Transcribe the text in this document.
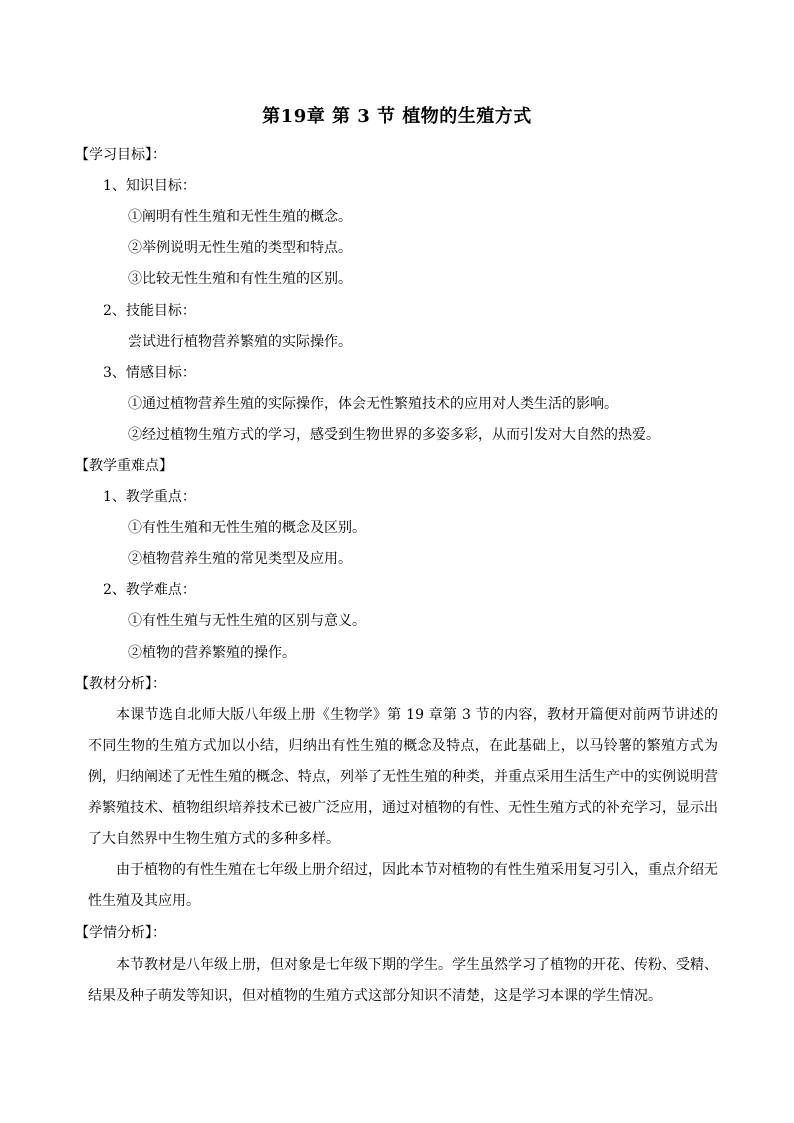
第19章 第 3 节 植物的生殖方式
【学习目标】：
1、知识目标：
①阐明有性生殖和无性生殖的概念。
②举例说明无性生殖的类型和特点。
③比较无性生殖和有性生殖的区别。
2、技能目标：
尝试进行植物营养繁殖的实际操作。
3、情感目标：
①通过植物营养生殖的实际操作，体会无性繁殖技术的应用对人类生活的影响。
②经过植物生殖方式的学习，感受到生物世界的多姿多彩，从而引发对大自然的热爱。
【教学重难点】
1、教学重点：
①有性生殖和无性生殖的概念及区别。
②植物营养生殖的常见类型及应用。
2、教学难点：
①有性生殖与无性生殖的区别与意义。
②植物的营养繁殖的操作。
【教材分析】：

本课节选自北师大版八年级上册《生物学》第 19 章第 3 节的内容，教材开篇便对前两节讲述的不同生物的生殖方式加以小结，归纳出有性生殖的概念及特点，在此基础上，以马铃薯的繁殖方式为例，归纳阐述了无性生殖的概念、特点，列举了无性生殖的种类，并重点采用生活生产中的实例说明营养繁殖技术、植物组织培养技术已被广泛应用，通过对植物的有性、无性生殖方式的补充学习，显示出了大自然界中生物生殖方式的多种多样。

由于植物的有性生殖在七年级上册介绍过，因此本节对植物的有性生殖采用复习引入，重点介绍无性生殖及其应用。

【学情分析】：

本节教材是八年级上册，但对象是七年级下期的学生。学生虽然学习了植物的开花、传粉、受精、结果及种子萌发等知识，但对植物的生殖方式这部分知识不清楚，这是学习本课的学生情况。
